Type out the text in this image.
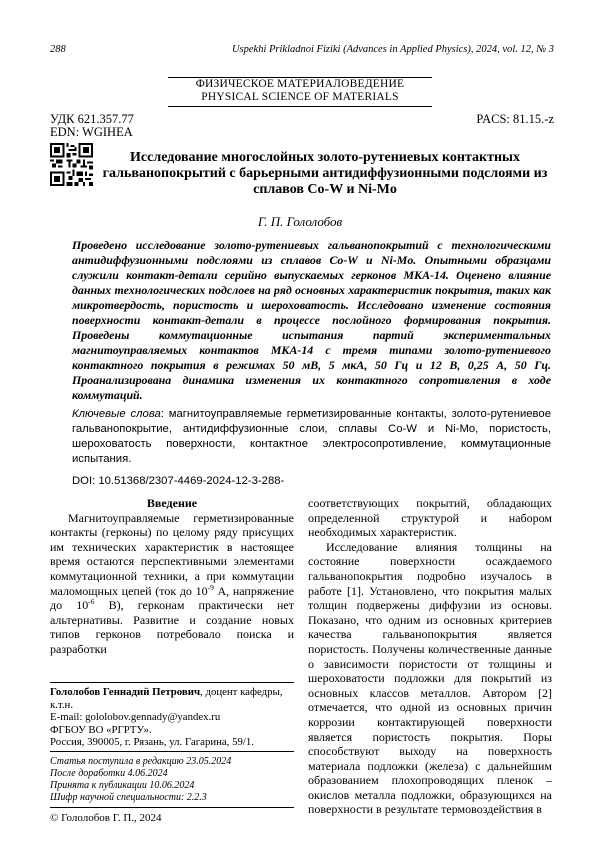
288	Uspekhi Prikladnoi Fiziki (Advances in Applied Physics), 2024, vol. 12, № 3
ФИЗИЧЕСКОЕ МАТЕРИАЛОВЕДЕНИЕ
PHYSICAL SCIENCE OF MATERIALS
УДК 621.357.77
EDN: WGIHEA
PACS: 81.15.-z
Исследование многослойных золото-рутениевых контактных гальванопокрытий с барьерными антидиффузионными подслоями из сплавов Co-W и Ni-Mo
Г. П. Гололобов
Проведено исследование золото-рутениевых гальванопокрытий с технологическими антидиффузионными подслоями из сплавов Co-W и Ni-Mo. Опытными образцами служили контакт-детали серийно выпускаемых герконов МКА-14. Оценено влияние данных технологических подслоев на ряд основных характеристик покрытия, таких как микротвердость, пористость и шероховатость. Исследовано изменение состояния поверхности контакт-детали в процессе послойного формирования покрытия. Проведены коммутационные испытания партий экспериментальных магнитоуправляемых контактов МКА-14 с тремя типами золото-рутениевого контактного покрытия в режимах 50 мВ, 5 мкА, 50 Гц и 12 В, 0,25 А, 50 Гц. Проанализирована динамика изменения их контактного сопротивления в ходе коммутаций.
Ключевые слова: магнитоуправляемые герметизированные контакты, золото-рутениевое гальванопокрытие, антидиффузионные слои, сплавы Co-W и Ni-Mo, пористость, шероховатость поверхности, контактное электросопротивление, коммутационные испытания.
DOI: 10.51368/2307-4469-2024-12-3-288-

Введение

Магнитоуправляемые герметизированные контакты (герконы) по целому ряду присущих им технических характеристик в настоящее время остаются перспективными элементами коммутационной техники, а при коммутации маломощных цепей (ток до $10^{-9}$ А, напряжение до $10^{-6}$ В), герконам практически нет альтернативы. Развитие и создание новых типов герконов потребовало поиска и разработки

соответствующих покрытий, обладающих определенной структурой и набором необходимых характеристик.

Исследование влияния толщины на состояние поверхности осаждаемого гальванопокрытия подробно изучалось в работе [1]. Установлено, что покрытия малых толщин подвержены диффузии из основы. Показано, что одним из основных критериев качества гальванопокрытия является пористость. Получены количественные данные о зависимости пористости от толщины и шероховатости подложки для покрытий из основных классов металлов. Автором [2] отмечается, что одной из основных причин коррозии контактирующей поверхности является пористость покрытия. Поры способствуют выходу на поверхность материала подложки (железа) с дальнейшим образованием плохопроводящих пленок – окислов металла подложки, образующихся на поверхности в результате термовоздействия в

Гололобов Геннадий Петрович, доцент кафедры,
к.т.н.
E-mail: gololobov.gennady@yandex.ru
ФГБОУ ВО «РГРТУ».
Россия, 390005, г. Рязань, ул. Гагарина, 59/1.
Статья поступила в редакцию 23.05.2024
После доработки 4.06.2024
Принята к публикации 10.06.2024
Шифр научной специальности: 2.2.3
© Гололобов Г. П., 2024
